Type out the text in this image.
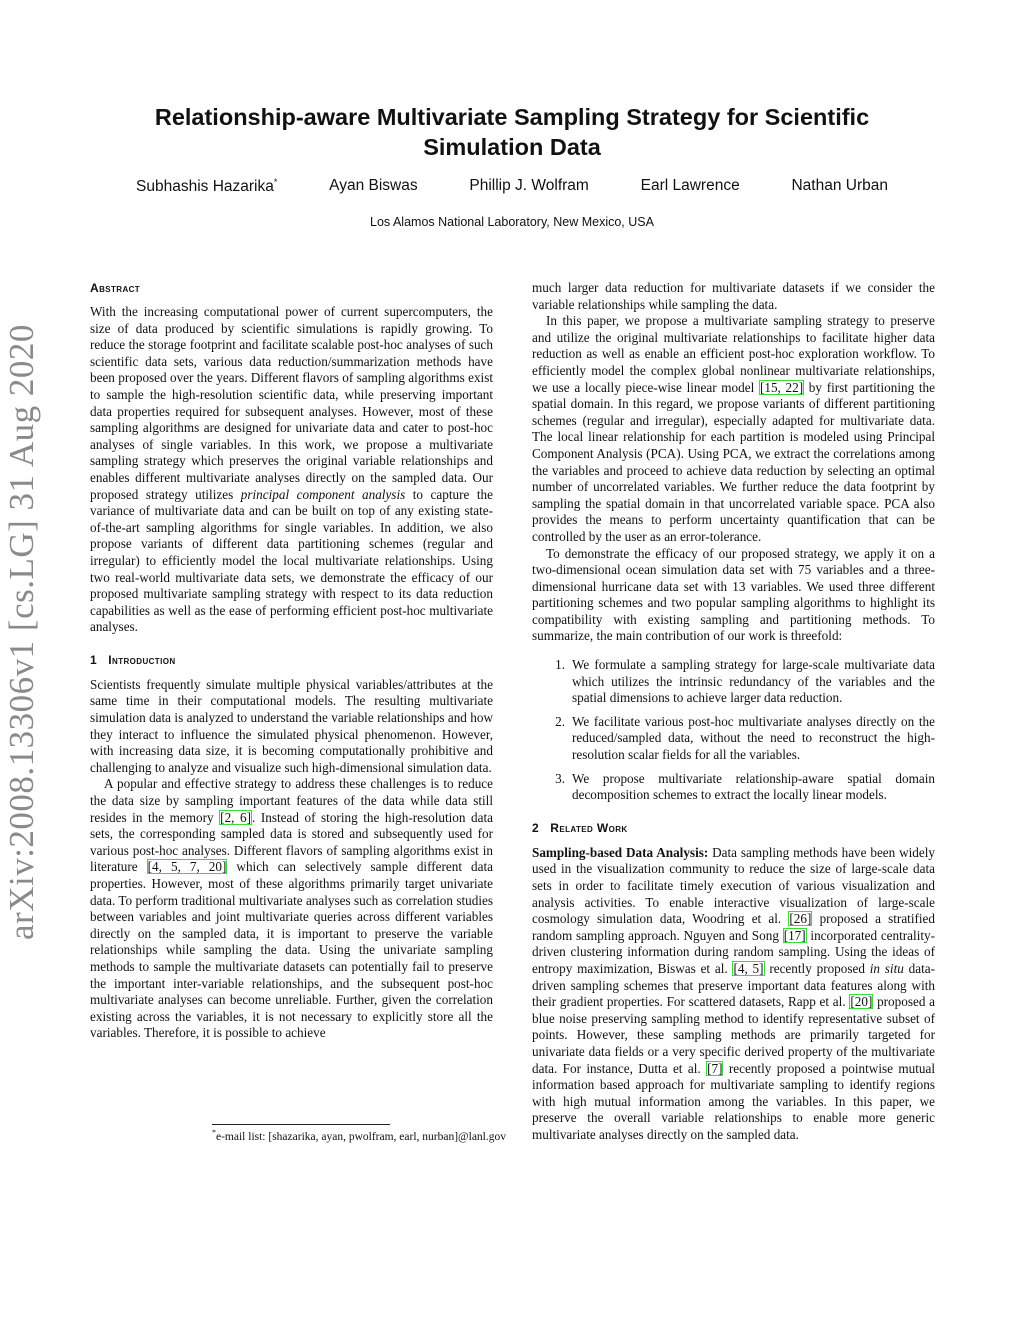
arXiv:2008.13306v1 [cs.LG] 31 Aug 2020
Relationship-aware Multivariate Sampling Strategy for Scientific Simulation Data
Subhashis Hazarika*	Ayan Biswas	Phillip J. Wolfram	Earl Lawrence	Nathan Urban
Los Alamos National Laboratory, New Mexico, USA
Abstract

With the increasing computational power of current supercomputers, the size of data produced by scientific simulations is rapidly growing. To reduce the storage footprint and facilitate scalable post-hoc analyses of such scientific data sets, various data reduction/summarization methods have been proposed over the years. Different flavors of sampling algorithms exist to sample the high-resolution scientific data, while preserving important data properties required for subsequent analyses. However, most of these sampling algorithms are designed for univariate data and cater to post-hoc analyses of single variables. In this work, we propose a multivariate sampling strategy which preserves the original variable relationships and enables different multivariate analyses directly on the sampled data. Our proposed strategy utilizes principal component analysis to capture the variance of multivariate data and can be built on top of any existing state-of-the-art sampling algorithms for single variables. In addition, we also propose variants of different data partitioning schemes (regular and irregular) to efficiently model the local multivariate relationships. Using two real-world multivariate data sets, we demonstrate the efficacy of our proposed multivariate sampling strategy with respect to its data reduction capabilities as well as the ease of performing efficient post-hoc multivariate analyses.

1 Introduction

Scientists frequently simulate multiple physical variables/attributes at the same time in their computational models. The resulting multivariate simulation data is analyzed to understand the variable relationships and how they interact to influence the simulated physical phenomenon. However, with increasing data size, it is becoming computationally prohibitive and challenging to analyze and visualize such high-dimensional simulation data.

A popular and effective strategy to address these challenges is to reduce the data size by sampling important features of the data while data still resides in the memory [2, 6]. Instead of storing the high-resolution data sets, the corresponding sampled data is stored and subsequently used for various post-hoc analyses. Different flavors of sampling algorithms exist in literature [4, 5, 7, 20] which can selectively sample different data properties. However, most of these algorithms primarily target univariate data. To perform traditional multivariate analyses such as correlation studies between variables and joint multivariate queries across different variables directly on the sampled data, it is important to preserve the variable relationships while sampling the data. Using the univariate sampling methods to sample the multivariate datasets can potentially fail to preserve the important inter-variable relationships, and the subsequent post-hoc multivariate analyses can become unreliable. Further, given the correlation existing across the variables, it is not necessary to explicitly store all the variables. Therefore, it is possible to achieve

much larger data reduction for multivariate datasets if we consider the variable relationships while sampling the data.

In this paper, we propose a multivariate sampling strategy to preserve and utilize the original multivariate relationships to facilitate higher data reduction as well as enable an efficient post-hoc exploration workflow. To efficiently model the complex global nonlinear multivariate relationships, we use a locally piece-wise linear model [15, 22] by first partitioning the spatial domain. In this regard, we propose variants of different partitioning schemes (regular and irregular), especially adapted for multivariate data. The local linear relationship for each partition is modeled using Principal Component Analysis (PCA). Using PCA, we extract the correlations among the variables and proceed to achieve data reduction by selecting an optimal number of uncorrelated variables. We further reduce the data footprint by sampling the spatial domain in that uncorrelated variable space. PCA also provides the means to perform uncertainty quantification that can be controlled by the user as an error-tolerance.

To demonstrate the efficacy of our proposed strategy, we apply it on a two-dimensional ocean simulation data set with 75 variables and a three-dimensional hurricane data set with 13 variables. We used three different partitioning schemes and two popular sampling algorithms to highlight its compatibility with existing sampling and partitioning methods. To summarize, the main contribution of our work is threefold:

1. We formulate a sampling strategy for large-scale multivariate data which utilizes the intrinsic redundancy of the variables and the spatial dimensions to achieve larger data reduction.
2. We facilitate various post-hoc multivariate analyses directly on the reduced/sampled data, without the need to reconstruct the high-resolution scalar fields for all the variables.
3. We propose multivariate relationship-aware spatial domain decomposition schemes to extract the locally linear models.
2 Related Work

Sampling-based Data Analysis: Data sampling methods have been widely used in the visualization community to reduce the size of large-scale data sets in order to facilitate timely execution of various visualization and analysis activities. To enable interactive visualization of large-scale cosmology simulation data, Woodring et al. [26] proposed a stratified random sampling approach. Nguyen and Song [17] incorporated centrality-driven clustering information during random sampling. Using the ideas of entropy maximization, Biswas et al. [4, 5] recently proposed in situ data-driven sampling schemes that preserve important data features along with their gradient properties. For scattered datasets, Rapp et al. [20] proposed a blue noise preserving sampling method to identify representative subset of points. However, these sampling methods are primarily targeted for univariate data fields or a very specific derived property of the multivariate data. For instance, Dutta et al. [7] recently proposed a pointwise mutual information based approach for multivariate sampling to identify regions with high mutual information among the variables. In this paper, we preserve the overall variable relationships to enable more generic multivariate analyses directly on the sampled data.

*e-mail list: [shazarika, ayan, pwolfram, earl, nurban]@lanl.gov
